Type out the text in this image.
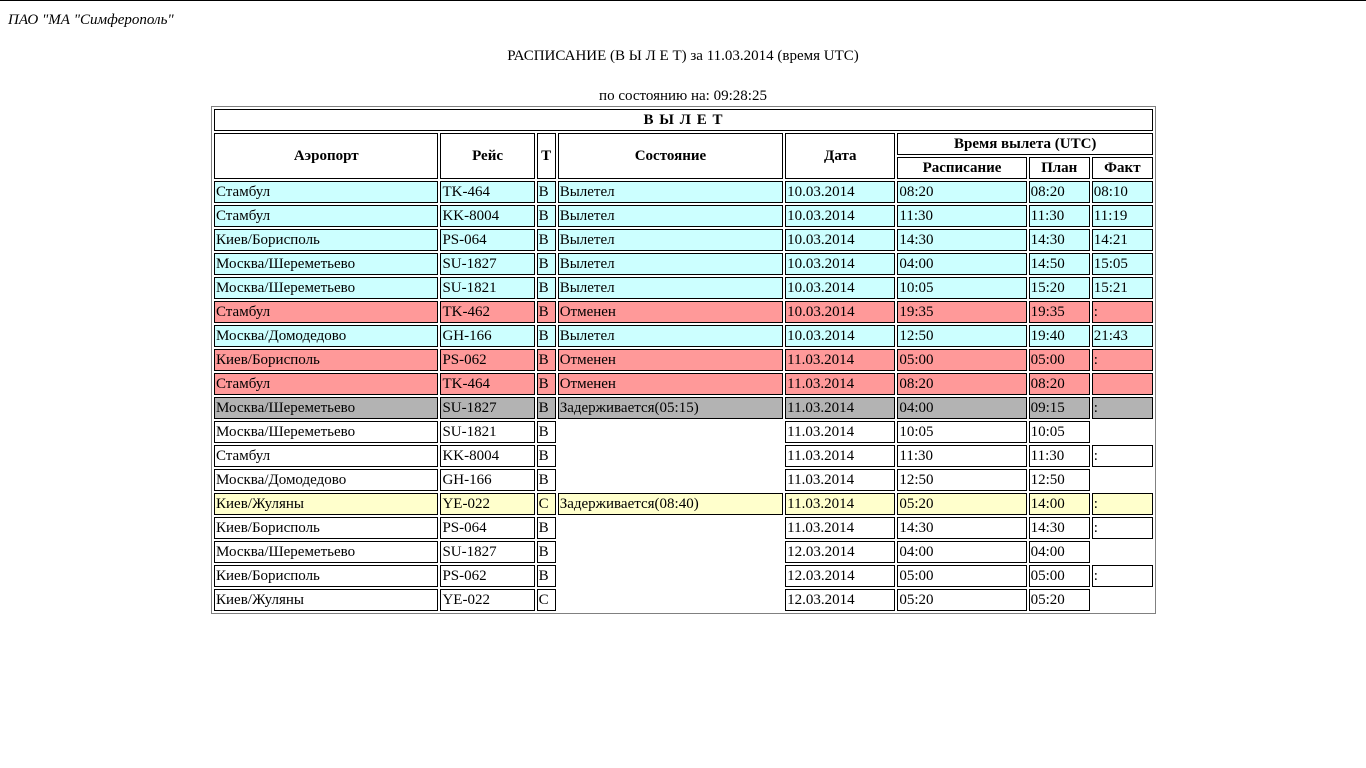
ПАО "МА "Симферополь"
РАСПИСАНИЕ (В Ы Л Е Т) за 11.03.2014 (время UTC)
по состоянию на: 09:28:25
В Ы Л Е Т							
Аэропорт	Рейс	Т	Состояние	Дата	Время вылета (UTC)		
					Расписание	План	Факт
Стамбул	TK-464	B	Вылетел	10.03.2014	08:20	08:20	08:10
Стамбул	KK-8004	B	Вылетел	10.03.2014	11:30	11:30	11:19
Киев/Борисполь	PS-064	B	Вылетел	10.03.2014	14:30	14:30	14:21
Москва/Шереметьево	SU-1827	B	Вылетел	10.03.2014	04:00	14:50	15:05
Москва/Шереметьево	SU-1821	B	Вылетел	10.03.2014	10:05	15:20	15:21
Стамбул	TK-462	B	Отменен	10.03.2014	19:35	19:35	:
Москва/Домодедово	GH-166	B	Вылетел	10.03.2014	12:50	19:40	21:43
Киев/Борисполь	PS-062	B	Отменен	11.03.2014	05:00	05:00	:
Стамбул	TK-464	B	Отменен	11.03.2014	08:20	08:20	
Москва/Шереметьево	SU-1827	B	Задерживается(05:15)	11.03.2014	04:00	09:15	:
Москва/Шереметьево	SU-1821	B		11.03.2014	10:05	10:05	
Стамбул	KK-8004	B		11.03.2014	11:30	11:30	:
Москва/Домодедово	GH-166	B		11.03.2014	12:50	12:50	
Киев/Жуляны	YE-022	C	Задерживается(08:40)	11.03.2014	05:20	14:00	:
Киев/Борисполь	PS-064	B		11.03.2014	14:30	14:30	:
Москва/Шереметьево	SU-1827	B		12.03.2014	04:00	04:00	
Киев/Борисполь	PS-062	B		12.03.2014	05:00	05:00	:
Киев/Жуляны	YE-022	C		12.03.2014	05:20	05:20	
